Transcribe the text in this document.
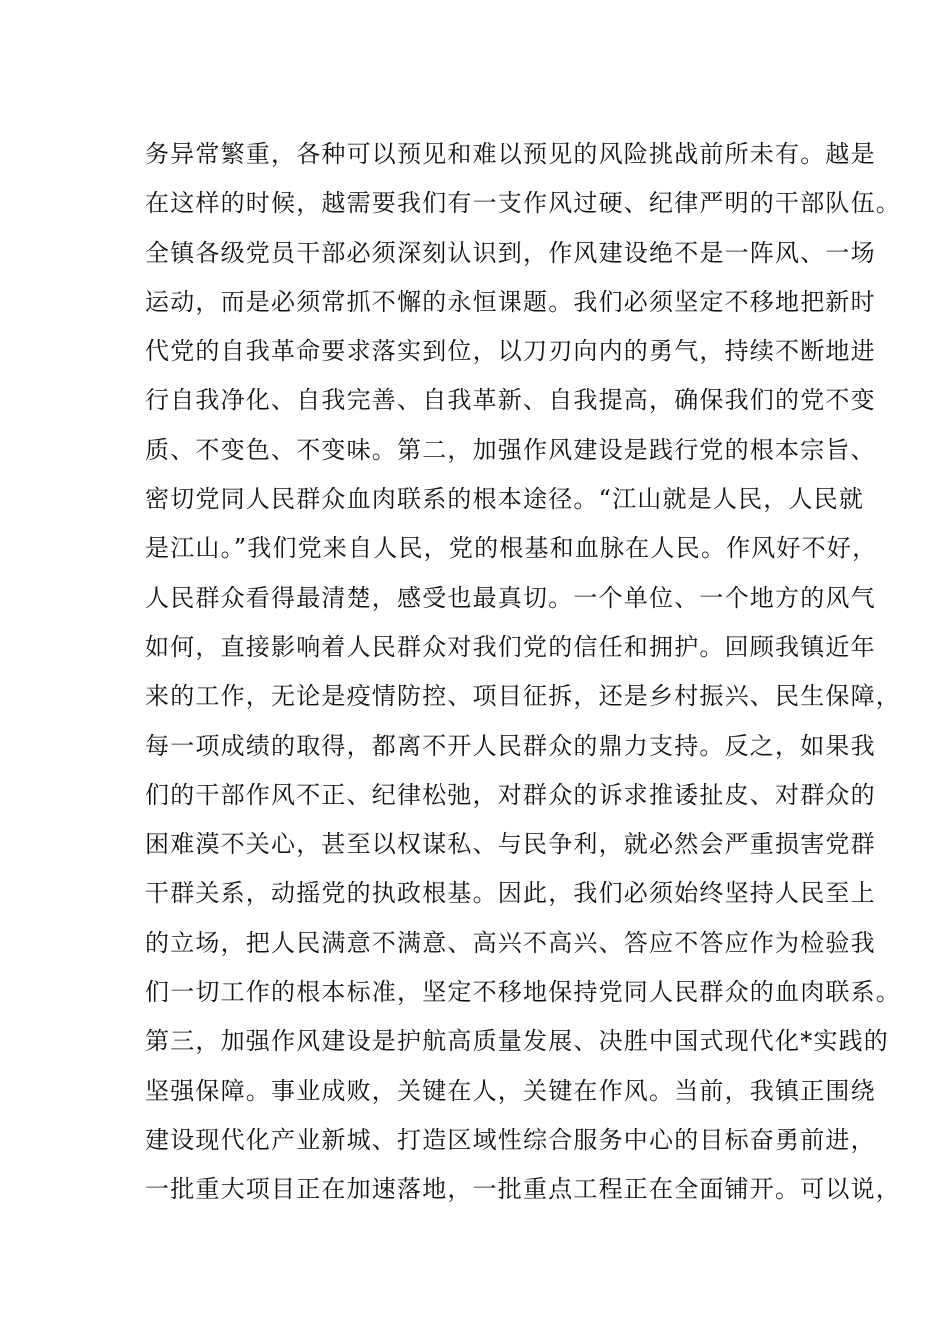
务异常繁重，各种可以预见和难以预见的风险挑战前所未有。越是
在这样的时候，越需要我们有一支作风过硬、纪律严明的干部队伍。
全镇各级党员干部必须深刻认识到，作风建设绝不是一阵风、一场
运动，而是必须常抓不懈的永恒课题。我们必须坚定不移地把新时
代党的自我革命要求落实到位，以刀刃向内的勇气，持续不断地进
行自我净化、自我完善、自我革新、自我提高，确保我们的党不变
质、不变色、不变味。第二，加强作风建设是践行党的根本宗旨、
密切党同人民群众血肉联系的根本途径。“江山就是人民，人民就
是江山。”我们党来自人民，党的根基和血脉在人民。作风好不好，
人民群众看得最清楚，感受也最真切。一个单位、一个地方的风气
如何，直接影响着人民群众对我们党的信任和拥护。回顾我镇近年
来的工作，无论是疫情防控、项目征拆，还是乡村振兴、民生保障，
每一项成绩的取得，都离不开人民群众的鼎力支持。反之，如果我
们的干部作风不正、纪律松弛，对群众的诉求推诿扯皮、对群众的
困难漠不关心，甚至以权谋私、与民争利，就必然会严重损害党群
干群关系，动摇党的执政根基。因此，我们必须始终坚持人民至上
的立场，把人民满意不满意、高兴不高兴、答应不答应作为检验我
们一切工作的根本标准，坚定不移地保持党同人民群众的血肉联系。
第三，加强作风建设是护航高质量发展、决胜中国式现代化*实践的
坚强保障。事业成败，关键在人，关键在作风。当前，我镇正围绕
建设现代化产业新城、打造区域性综合服务中心的目标奋勇前进，
一批重大项目正在加速落地，一批重点工程正在全面铺开。可以说，
